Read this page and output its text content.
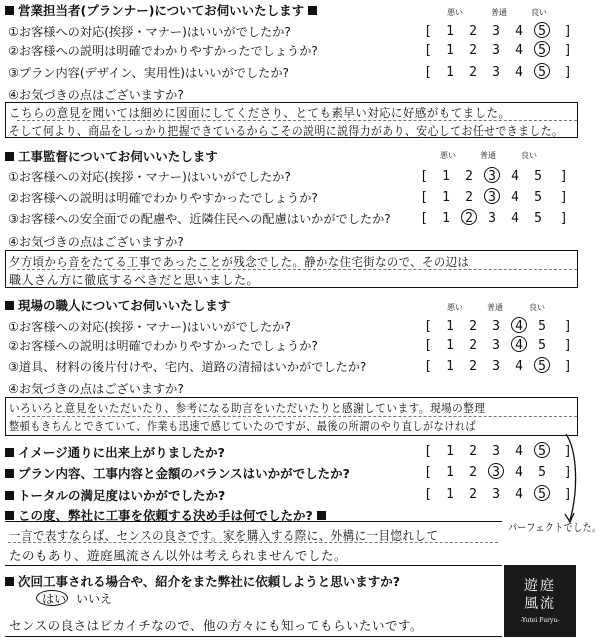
営業担当者(プランナー)についてお伺いいたします	悪い	普通	良い
①お客様への対応(挨拶・マナー)はいいがでしたか?	[ 1 2 3 4 5 ]
②お客様への説明は明確でわかりやすかったでしょうか?	[ 1 2 3 4 5 ]
③プラン内容(デザイン、実用性)はいいがでしたか?	[ 1 2 3 4 5 ]
④お気づきの点はございますか?
こちらの意見を聞いては細めに図面にしてくださり、とても素早い対応に好感がもてました。
そして何より、商品をしっかり把握できているからこその説明に説得力があり、安心してお任せできました。
工事監督についてお伺いいたします	悪い	普通	良い
①お客様への対応(挨拶・マナー)はいいがでしたか?	[ 1 2 3 4 5 ]
②お客様への説明は明確でわかりやすかったでしょうか?	[ 1 2 3 4 5 ]
③お客様への安全面での配慮や、近隣住民への配慮はいかがでしたか? [ 1 2 3 4 5 ]
④お気づきの点はございますか?
夕方頃から音をたてる工事であったことが残念でした。静かな住宅街なので、その辺は
職人さん方に徹底するべきだと思いました。
現場の職人についてお伺いいたします	悪い	普通	良い
①お客様への対応(挨拶・マナー)はいいがでしたか?	[ 1 2 3 4 5 ]
②お客様への説明は明確でわかりやすかったでしょうか?	[ 1 2 3 4 5 ]
③道具、材料の後片付けや、宅内、道路の清掃はいかがでしたか?	[ 1 2 3 4 5 ]
④お気づきの点はございますか?
いろいろと意見をいただいたり、参考になる助言をいただいたりと感謝しています。現場の整理
整頓もきちんとできていて、作業も迅速で感じていたのですが、最後の所謂のやり直しがなければ
イメージ通りに出来上がりましたか?	[ 1 2 3 4 5 ]
プラン内容、工事内容と金額のバランスはいかがでしたか?	[ 1 2 3 4 5 ]
トータルの満足度はいかがでしたか?	[ 1 2 3 4 5 ]
パーフェクトでした。
この度、弊社に工事を依頼する決め手は何でしたか?
一言で表すならば、センスの良さです。家を購入する際に、外構に一目惚れして
たのもあり、遊庭風流さん以外は考えられませんでした。
次回工事される場合や、紹介をまた弊社に依頼しようと思いますか?
はい いいえ
センスの良さはピカイチなので、他の方々にも知ってもらいたいです。
遊庭
風流
-Yutei Furyu-
